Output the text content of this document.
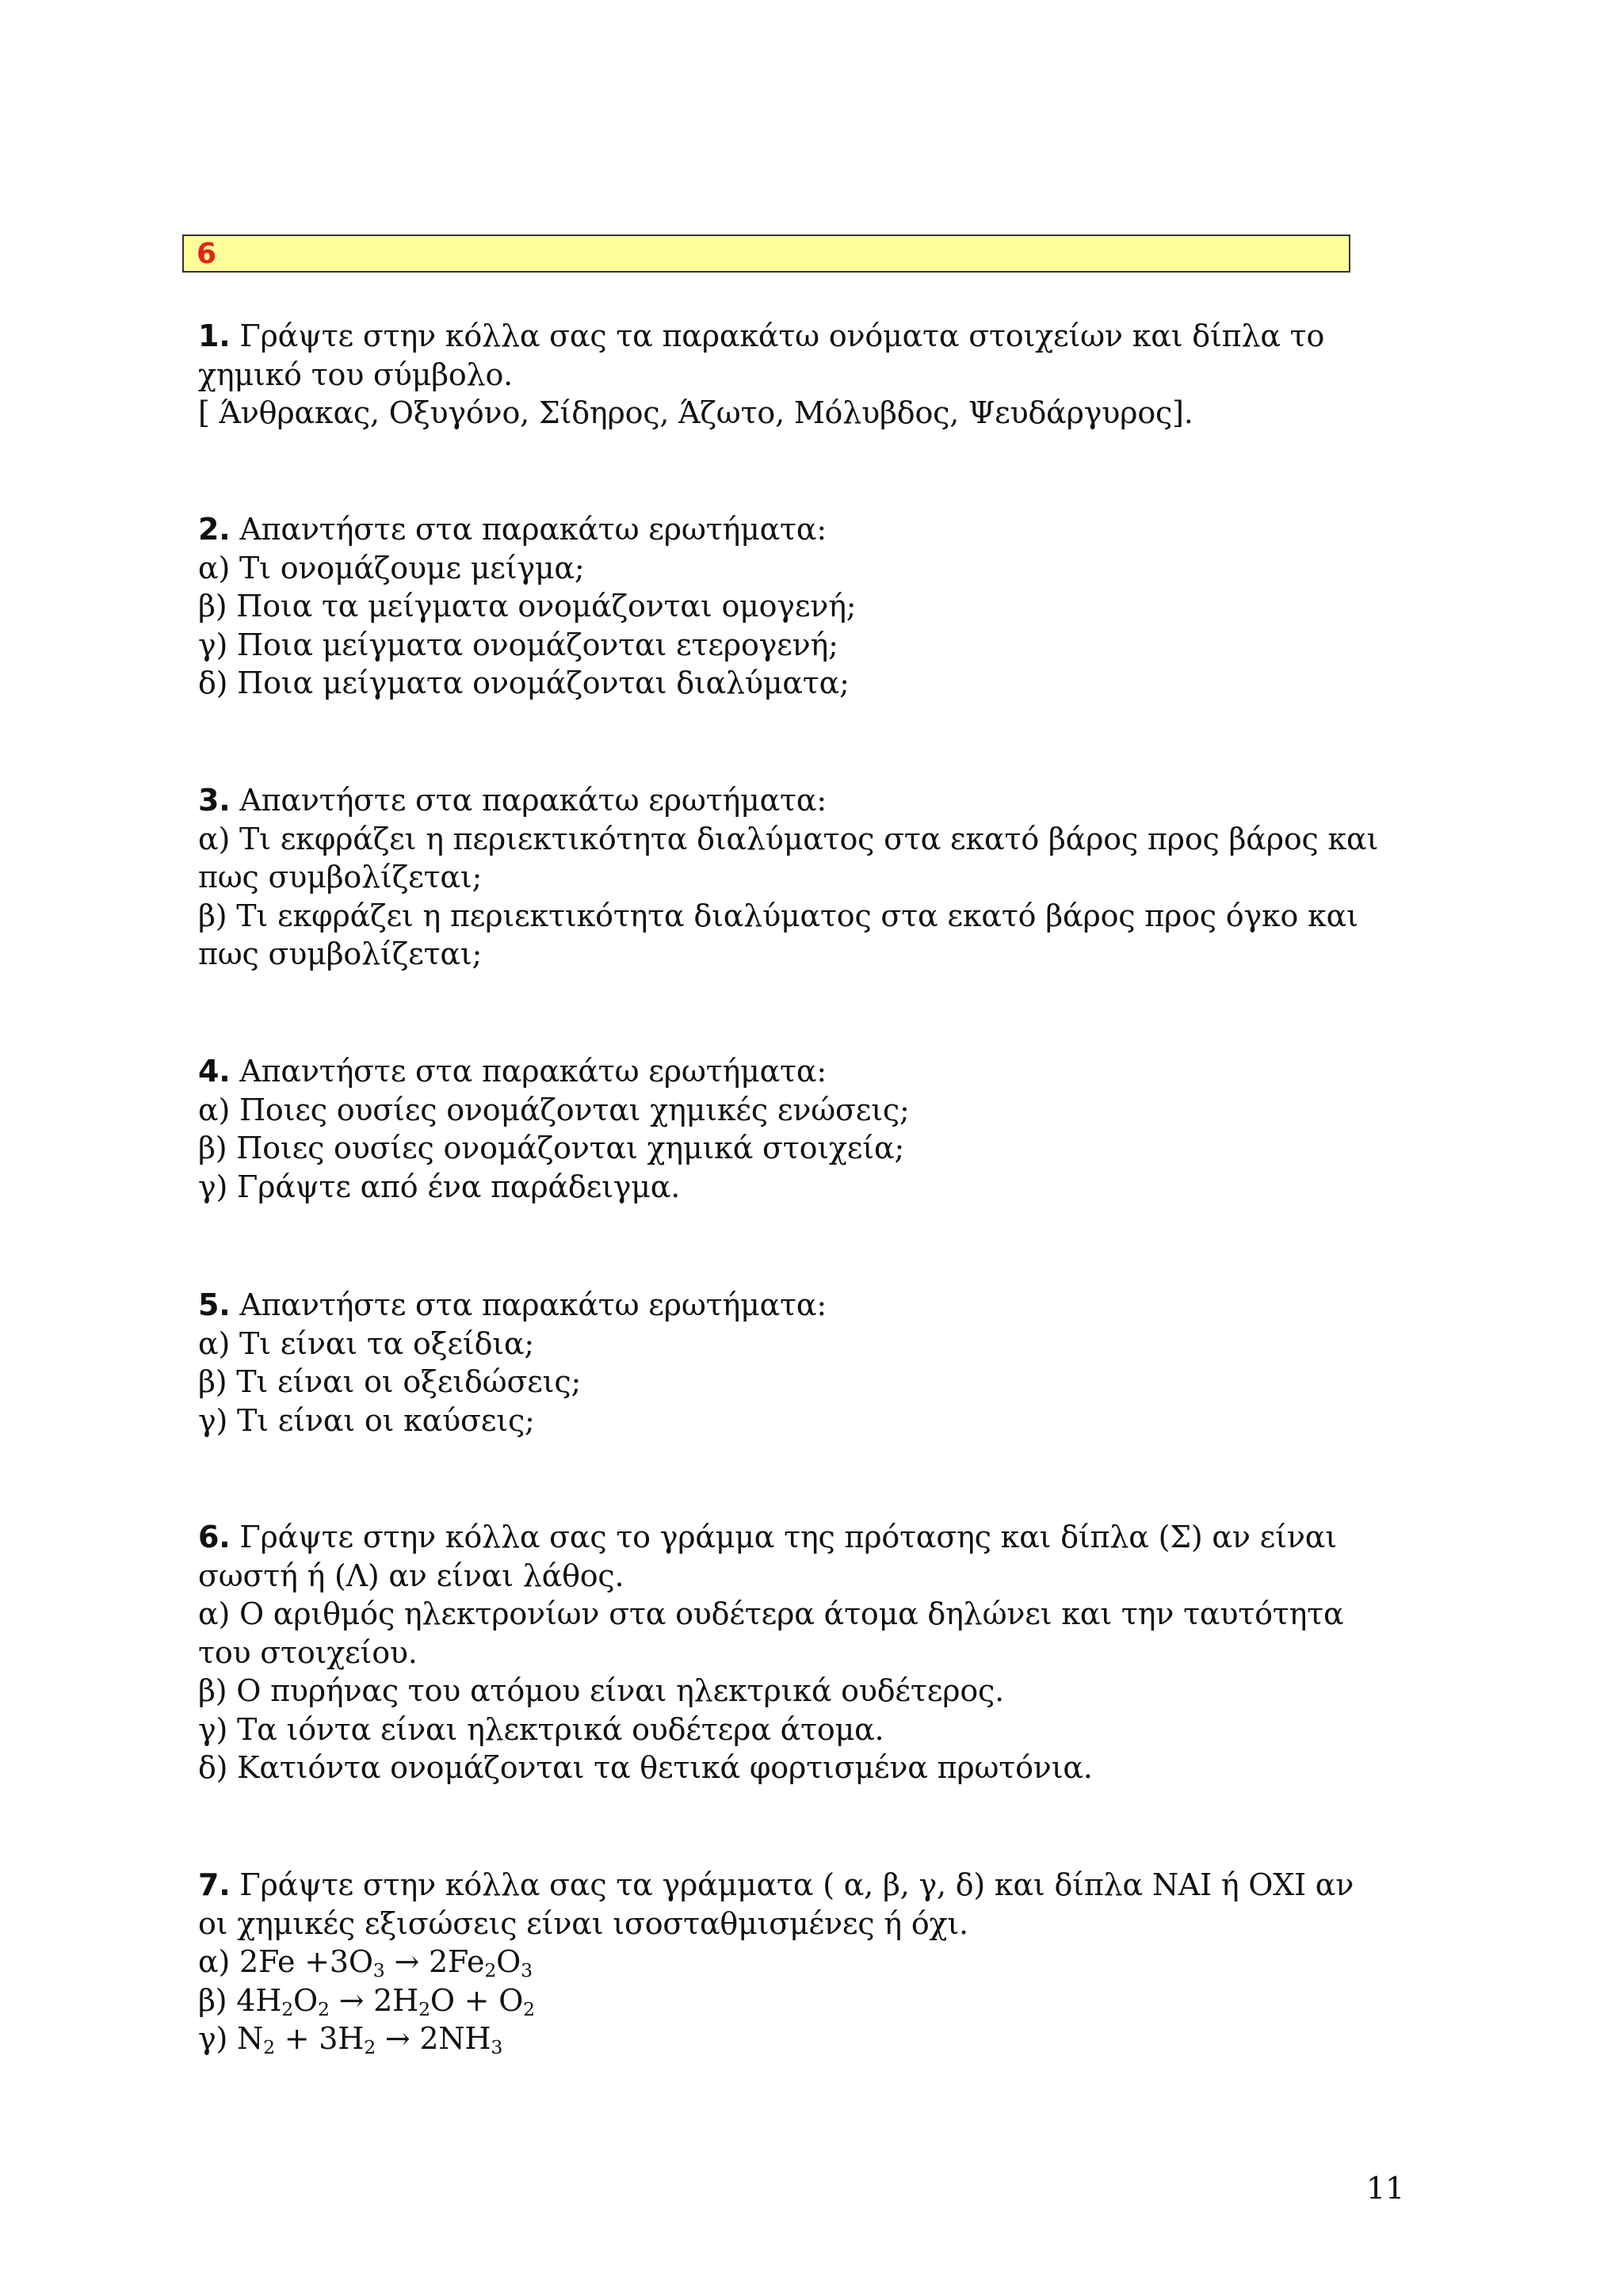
6
1. Γράψτε στην κόλλα σας τα παρακάτω ονόματα στοιχείων και δίπλα το
χημικό του σύμβολο.
[ Άνθρακας, Οξυγόνο, Σίδηρος, Άζωτο, Μόλυβδος, Ψευδάργυρος].
2. Απαντήστε στα παρακάτω ερωτήματα:
α) Τι ονομάζουμε μείγμα;
β) Ποια τα μείγματα ονομάζονται ομογενή;
γ) Ποια μείγματα ονομάζονται ετερογενή;
δ) Ποια μείγματα ονομάζονται διαλύματα;
3. Απαντήστε στα παρακάτω ερωτήματα:
α) Τι εκφράζει η περιεκτικότητα διαλύματος στα εκατό βάρος προς βάρος και
πως συμβολίζεται;
β) Τι εκφράζει η περιεκτικότητα διαλύματος στα εκατό βάρος προς όγκο και
πως συμβολίζεται;
4. Απαντήστε στα παρακάτω ερωτήματα:
α) Ποιες ουσίες ονομάζονται χημικές ενώσεις;
β) Ποιες ουσίες ονομάζονται χημικά στοιχεία;
γ) Γράψτε από ένα παράδειγμα.
5. Απαντήστε στα παρακάτω ερωτήματα:
α) Τι είναι τα οξείδια;
β) Τι είναι οι οξειδώσεις;
γ) Τι είναι οι καύσεις;
6. Γράψτε στην κόλλα σας το γράμμα της πρότασης και δίπλα (Σ) αν είναι
σωστή ή (Λ) αν είναι λάθος.
α) Ο αριθμός ηλεκτρονίων στα ουδέτερα άτομα δηλώνει και την ταυτότητα
του στοιχείου.
β) Ο πυρήνας του ατόμου είναι ηλεκτρικά ουδέτερος.
γ) Τα ιόντα είναι ηλεκτρικά ουδέτερα άτομα.
δ) Κατιόντα ονομάζονται τα θετικά φορτισμένα πρωτόνια.
7. Γράψτε στην κόλλα σας τα γράμματα ( α, β, γ, δ) και δίπλα ΝΑΙ ή ΟΧΙ αν
οι χημικές εξισώσεις είναι ισοσταθμισμένες ή όχι.
α) $2Fe +3O_3 \to 2Fe_2O_3$
β) $4H_2O_2 \to 2H_2O + O_2$
γ) $N_2 + 3H_2 \to 2NH_3$
11
